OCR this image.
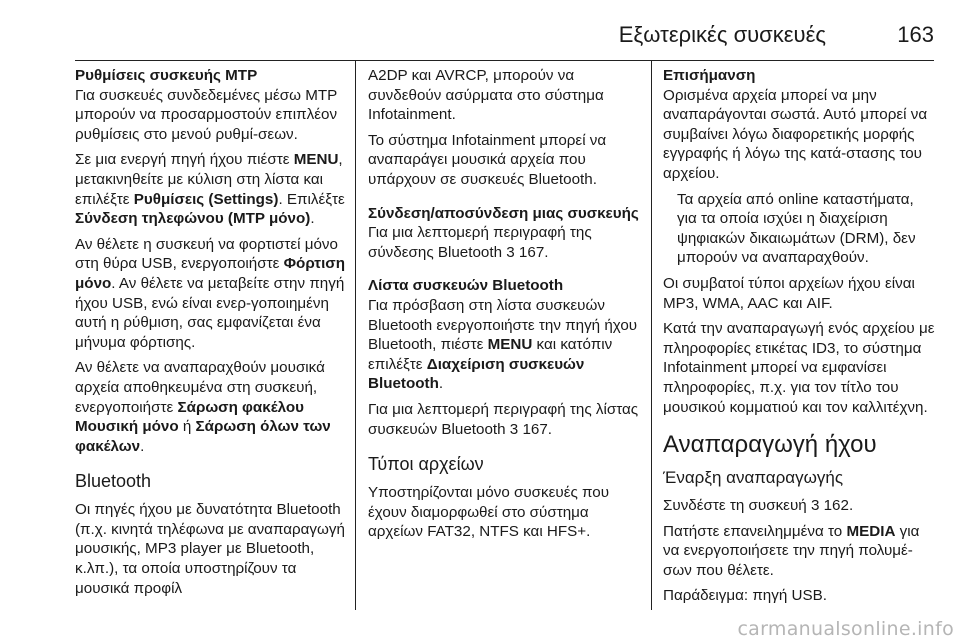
Εξωτερικές συσκευές	163

Ρυθμίσεις συσκευής MTP

Για συσκευές συνδεδεμένες μέσω MTP μπορούν να προσαρμοστούν επιπλέον ρυθμίσεις στο μενού ρυθμί‐σεων.

Σε μια ενεργή πηγή ήχου πιέστε MENU, μετακινηθείτε με κύλιση στη λίστα και επιλέξτε Ρυθμίσεις (Settings). Επιλέξτε Σύνδεση τηλεφώνου (MTP μόνο).

Αν θέλετε η συσκευή να φορτιστεί μόνο στη θύρα USB, ενεργοποιήστε Φόρτιση μόνο. Αν θέλετε να μεταβείτε στην πηγή ήχου USB, ενώ είναι ενερ‐γοποιημένη αυτή η ρύθμιση, σας εμφανίζεται ένα μήνυμα φόρτισης.

Αν θέλετε να αναπαραχθούν μουσικά αρχεία αποθηκευμένα στη συσκευή, ενεργοποιήστε Σάρωση φακέλου Μουσική μόνο ή Σάρωση όλων των φακέλων.

Bluetooth

Οι πηγές ήχου με δυνατότητα Bluetooth (π.χ. κινητά τηλέφωνα με αναπαραγωγή μουσικής, MP3 player με Bluetooth, κ.λπ.), τα οποία υποστηρίζουν τα μουσικά προφίλ

A2DP και AVRCP, μπορούν να συνδεθούν ασύρματα στο σύστημα Infotainment.

Το σύστημα Infotainment μπορεί να αναπαράγει μουσικά αρχεία που υπάρχουν σε συσκευές Bluetooth.

Σύνδεση/αποσύνδεση μιας συσκευής

Για μια λεπτομερή περιγραφή της σύνδεσης Bluetooth 3 167.

Λίστα συσκευών Bluetooth

Για πρόσβαση στη λίστα συσκευών Bluetooth ενεργοποιήστε την πηγή ήχου Bluetooth, πιέστε MENU και κατόπιν επιλέξτε Διαχείριση συσκευών Bluetooth.

Για μια λεπτομερή περιγραφή της λίστας συσκευών Bluetooth 3 167.

Τύποι αρχείων

Υποστηρίζονται μόνο συσκευές που έχουν διαμορφωθεί στο σύστημα αρχείων FAT32, NTFS και HFS+.

Επισήμανση

Ορισμένα αρχεία μπορεί να μην αναπαράγονται σωστά. Αυτό μπορεί να συμβαίνει λόγω διαφορετικής μορφής εγγραφής ή λόγω της κατά‐στασης του αρχείου.

Τα αρχεία από online καταστήματα, για τα οποία ισχύει η διαχείριση ψηφιακών δικαιωμάτων (DRM), δεν μπορούν να αναπαραχθούν.

Οι συμβατοί τύποι αρχείων ήχου είναι MP3, WMA, AAC και AIF.

Κατά την αναπαραγωγή ενός αρχείου με πληροφορίες ετικέτας ID3, το σύστημα Infotainment μπορεί να εμφανίσει πληροφορίες, π.χ. για τον τίτλο του μουσικού κομματιού και τον καλλιτέχνη.

Αναπαραγωγή ήχου
Έναρξη αναπαραγωγής

Συνδέστε τη συσκευή 3 162.

Πατήστε επανειλημμένα το MEDIA για να ενεργοποιήσετε την πηγή πολυμέ‐σων που θέλετε.

Παράδειγμα: πηγή USB.

carmanualsonline.info
